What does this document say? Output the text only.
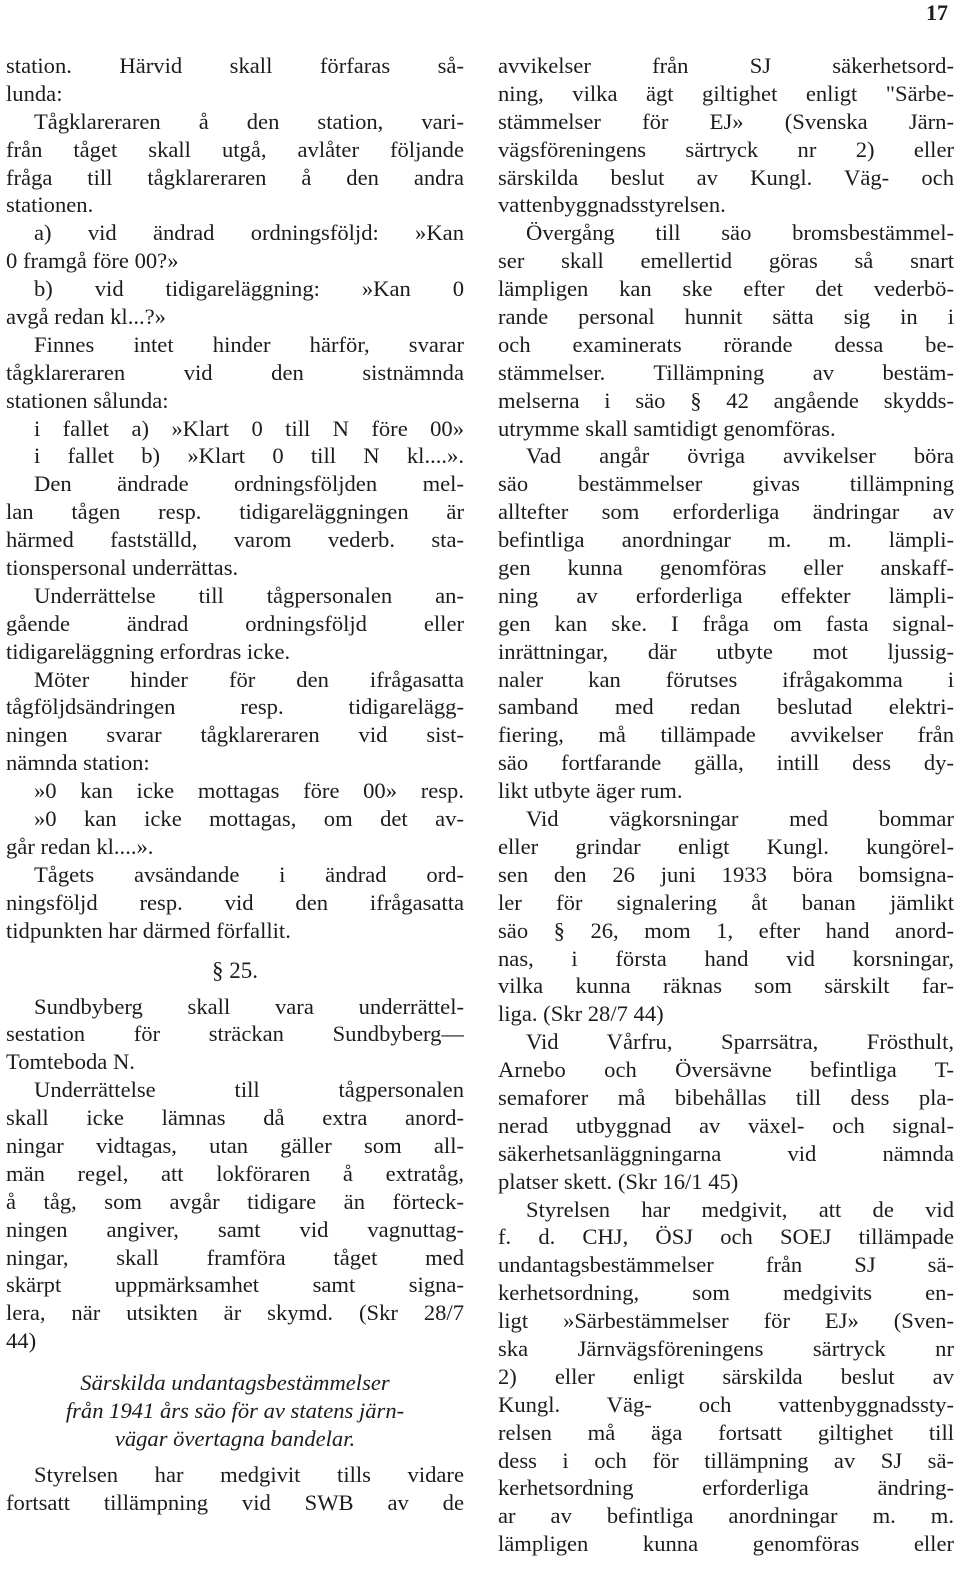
17
station. Härvid skall förfaras så-
lunda:
Tågklareraren å den station, vari-
från tåget skall utgå, avlåter följande
fråga till tågklareraren å den andra
stationen.
a) vid ändrad ordningsföljd: »Kan
0 framgå före 00?»
b) vid tidigareläggning: »Kan 0
avgå redan kl...?»
Finnes intet hinder härför, svarar
tågklareraren vid den sistnämnda
stationen sålunda:
i fallet a) »Klart 0 till N före 00»
i fallet b) »Klart 0 till N kl....».
Den ändrade ordningsföljden mel-
lan tågen resp. tidigareläggningen är
härmed fastställd, varom vederb. sta-
tionspersonal underrättas.
Underrättelse till tågpersonalen an-
gående ändrad ordningsföljd eller
tidigareläggning erfordras icke.
Möter hinder för den ifrågasatta
tågföljdsändringen resp. tidigarelägg-
ningen svarar tågklareraren vid sist-
nämnda station:
»0 kan icke mottagas före 00» resp.
»0 kan icke mottagas, om det av-
går redan kl....».
Tågets avsändande i ändrad ord-
ningsföljd resp. vid den ifrågasatta
tidpunkten har därmed förfallit.
§ 25.
Sundbyberg skall vara underrättel-
sestation för sträckan Sundbyberg—
Tomteboda N.
Underrättelse till tågpersonalen
skall icke lämnas då extra anord-
ningar vidtagas, utan gäller som all-
män regel, att lokföraren å extratåg,
å tåg, som avgår tidigare än förteck-
ningen angiver, samt vid vagnuttag-
ningar, skall framföra tåget med
skärpt uppmärksamhet samt signa-
lera, när utsikten är skymd. (Skr 28/7
44)
Särskilda undantagsbestämmelser
från 1941 års säo för av statens järn-
vägar övertagna bandelar.
Styrelsen har medgivit tills vidare
fortsatt tillämpning vid SWB av de
avvikelser från SJ säkerhetsord-
ning, vilka ägt giltighet enligt "Särbe-
stämmelser för EJ» (Svenska Järn-
vägsföreningens särtryck nr 2) eller
särskilda beslut av Kungl. Väg- och
vattenbyggnadsstyrelsen.
Övergång till säo bromsbestämmel-
ser skall emellertid göras så snart
lämpligen kan ske efter det vederbö-
rande personal hunnit sätta sig in i
och examinerats rörande dessa be-
stämmelser. Tillämpning av bestäm-
melserna i säo § 42 angående skydds-
utrymme skall samtidigt genomföras.
Vad angår övriga avvikelser böra
säo bestämmelser givas tillämpning
alltefter som erforderliga ändringar av
befintliga anordningar m. m. lämpli-
gen kunna genomföras eller anskaff-
ning av erforderliga effekter lämpli-
gen kan ske. I fråga om fasta signal-
inrättningar, där utbyte mot ljussig-
naler kan förutses ifrågakomma i
samband med redan beslutad elektri-
fiering, må tillämpade avvikelser från
säo fortfarande gälla, intill dess dy-
likt utbyte äger rum.
Vid vägkorsningar med bommar
eller grindar enligt Kungl. kungörel-
sen den 26 juni 1933 böra bomsigna-
ler för signalering åt banan jämlikt
säo § 26, mom 1, efter hand anord-
nas, i första hand vid korsningar,
vilka kunna räknas som särskilt far-
liga. (Skr 28/7 44)
Vid Vårfru, Sparrsätra, Frösthult,
Arnebo och Översävne befintliga T-
semaforer må bibehållas till dess pla-
nerad utbyggnad av växel- och signal-
säkerhetsanläggningarna vid nämnda
platser skett. (Skr 16/1 45)
Styrelsen har medgivit, att de vid
f. d. CHJ, ÖSJ och SOEJ tillämpade
undantagsbestämmelser från SJ sä-
kerhetsordning, som medgivits en-
ligt »Särbestämmelser för EJ» (Sven-
ska Järnvägsföreningens särtryck nr
2) eller enligt särskilda beslut av
Kungl. Väg- och vattenbyggnadssty-
relsen må äga fortsatt giltighet till
dess i och för tillämpning av SJ sä-
kerhetsordning erforderliga ändring-
ar av befintliga anordningar m. m.
lämpligen kunna genomföras eller
